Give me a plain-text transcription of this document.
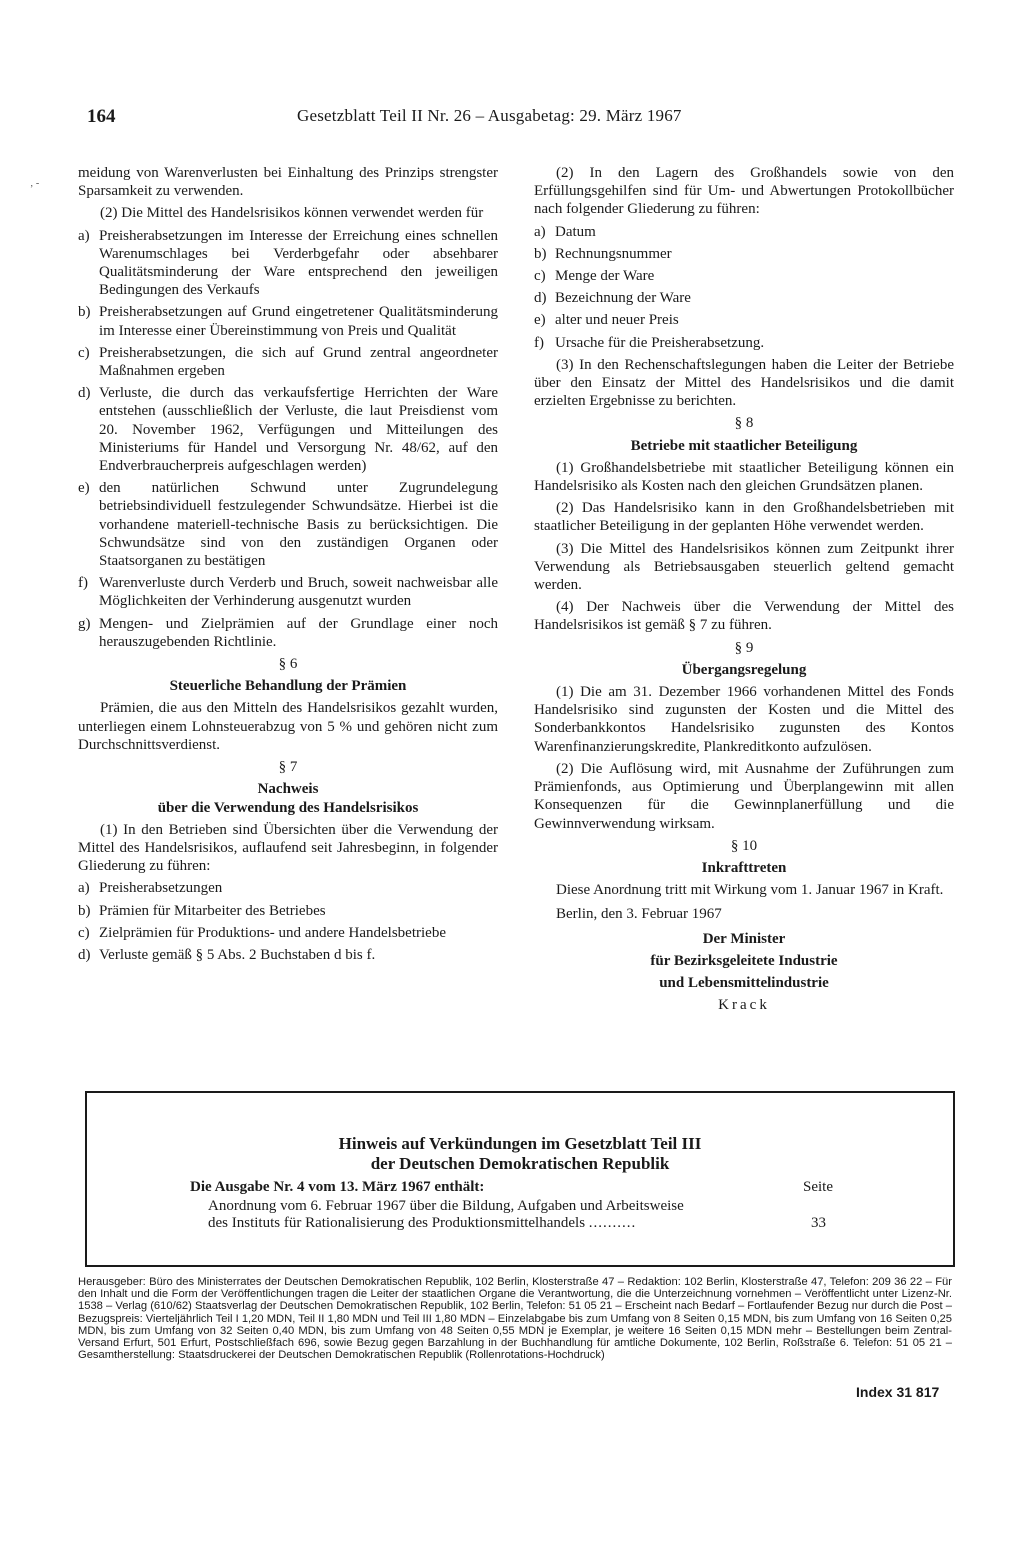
164	Gesetzblatt Teil II Nr. 26 – Ausgabetag: 29. März 1967
‚ -

meidung von Warenverlusten bei Einhaltung des Prinzips strengster Sparsamkeit zu verwenden.

(2) Die Mittel des Handelsrisikos können verwendet werden für

a) Preisherabsetzungen im Interesse der Erreichung eines schnellen Warenumschlages bei Verderbgefahr oder absehbarer Qualitätsminderung der Ware entsprechend den jeweiligen Bedingungen des Verkaufs
b) Preisherabsetzungen auf Grund eingetretener Qualitätsminderung im Interesse einer Übereinstimmung von Preis und Qualität
c) Preisherabsetzungen, die sich auf Grund zentral angeordneter Maßnahmen ergeben
d) Verluste, die durch das verkaufsfertige Herrichten der Ware entstehen (ausschließlich der Verluste, die laut Preisdienst vom 20. November 1962, Verfügungen und Mitteilungen des Ministeriums für Handel und Versorgung Nr. 48/62, auf den Endverbraucherpreis aufgeschlagen werden)
e) den natürlichen Schwund unter Zugrundelegung betriebsindividuell festzulegender Schwundsätze. Hierbei ist die vorhandene materiell-technische Basis zu berücksichtigen. Die Schwundsätze sind von den zuständigen Organen oder Staatsorganen zu bestätigen
f) Warenverluste durch Verderb und Bruch, soweit nachweisbar alle Möglichkeiten der Verhinderung ausgenutzt wurden
g) Mengen- und Zielprämien auf der Grundlage einer noch herauszugebenden Richtlinie.

§ 6

Steuerliche Behandlung der Prämien

Prämien, die aus den Mitteln des Handelsrisikos gezahlt wurden, unterliegen einem Lohnsteuerabzug von 5 % und gehören nicht zum Durchschnittsverdienst.

§ 7

Nachweis

über die Verwendung des Handelsrisikos

(1) In den Betrieben sind Übersichten über die Verwendung der Mittel des Handelsrisikos, auflaufend seit Jahresbeginn, in folgender Gliederung zu führen:

a) Preisherabsetzungen
b) Prämien für Mitarbeiter des Betriebes
c) Zielprämien für Produktions- und andere Handelsbetriebe
d) Verluste gemäß § 5 Abs. 2 Buchstaben d bis f.

(2) In den Lagern des Großhandels sowie von den Erfüllungsgehilfen sind für Um- und Abwertungen Protokollbücher nach folgender Gliederung zu führen:

a) Datum
b) Rechnungsnummer
c) Menge der Ware
d) Bezeichnung der Ware
e) alter und neuer Preis
f) Ursache für die Preisherabsetzung.

(3) In den Rechenschaftslegungen haben die Leiter der Betriebe über den Einsatz der Mittel des Handelsrisikos und die damit erzielten Ergebnisse zu berichten.

§ 8

Betriebe mit staatlicher Beteiligung

(1) Großhandelsbetriebe mit staatlicher Beteiligung können ein Handelsrisiko als Kosten nach den gleichen Grundsätzen planen.

(2) Das Handelsrisiko kann in den Großhandelsbetrieben mit staatlicher Beteiligung in der geplanten Höhe verwendet werden.

(3) Die Mittel des Handelsrisikos können zum Zeitpunkt ihrer Verwendung als Betriebsausgaben steuerlich geltend gemacht werden.

(4) Der Nachweis über die Verwendung der Mittel des Handelsrisikos ist gemäß § 7 zu führen.

§ 9

Übergangsregelung

(1) Die am 31. Dezember 1966 vorhandenen Mittel des Fonds Handelsrisiko sind zugunsten der Kosten und die Mittel des Sonderbankkontos Handelsrisiko zugunsten des Kontos Warenfinanzierungskredite, Plankreditkonto aufzulösen.

(2) Die Auflösung wird, mit Ausnahme der Zuführungen zum Prämienfonds, aus Optimierung und Überplangewinn mit allen Konsequenzen für die Gewinnplanerfüllung und die Gewinnverwendung wirksam.

§ 10

Inkrafttreten

Diese Anordnung tritt mit Wirkung vom 1. Januar 1967 in Kraft.

Berlin, den 3. Februar 1967

Der Minister

für Bezirksgeleitete Industrie

und Lebensmittelindustrie

Krack

Hinweis auf Verkündungen im Gesetzblatt Teil III
der Deutschen Demokratischen Republik
Die Ausgabe Nr. 4 vom 13. März 1967 enthält:	Seite
Anordnung vom 6. Februar 1967 über die Bildung, Aufgaben und Arbeitsweise
des Instituts für Rationalisierung des Produktionsmittelhandels ..........	33
Herausgeber: Büro des Ministerrates der Deutschen Demokratischen Republik, 102 Berlin, Klosterstraße 47 – Redaktion: 102 Berlin, Klosterstraße 47, Telefon: 209 36 22 – Für den Inhalt und die Form der Veröffentlichungen tragen die Leiter der staatlichen Organe die Verantwortung, die die Unterzeichnung vornehmen – Veröffentlicht unter Lizenz-Nr. 1538 – Verlag (610/62) Staatsverlag der Deutschen Demokratischen Republik, 102 Berlin, Telefon: 51 05 21 – Erscheint nach Bedarf – Fortlaufender Bezug nur durch die Post – Bezugspreis: Vierteljährlich Teil I 1,20 MDN, Teil II 1,80 MDN und Teil III 1,80 MDN – Einzelabgabe bis zum Umfang von 8 Seiten 0,15 MDN, bis zum Umfang von 16 Seiten 0,25 MDN, bis zum Umfang von 32 Seiten 0,40 MDN, bis zum Umfang von 48 Seiten 0,55 MDN je Exemplar, je weitere 16 Seiten 0,15 MDN mehr – Bestellungen beim Zentral-Versand Erfurt, 501 Erfurt, Postschließfach 696, sowie Bezug gegen Barzahlung in der Buchhandlung für amtliche Dokumente, 102 Berlin, Roßstraße 6. Telefon: 51 05 21 – Gesamtherstellung: Staatsdruckerei der Deutschen Demokratischen Republik (Rollenrotations-Hochdruck)
Index 31 817
